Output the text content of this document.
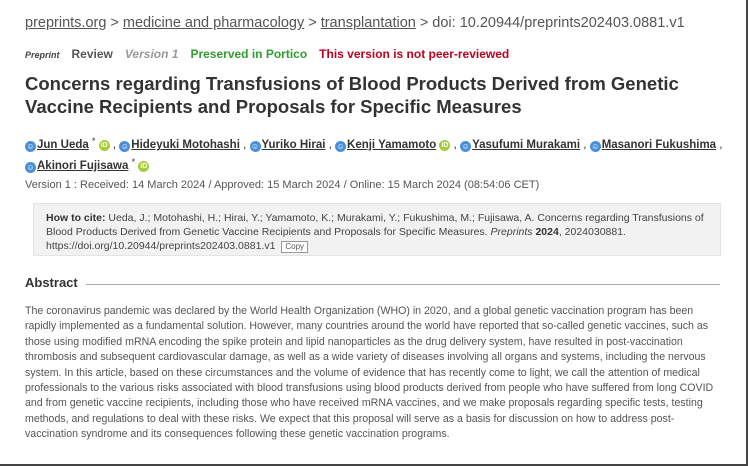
preprints.org > medicine and pharmacology > transplantation > doi: 10.20944/preprints202403.0881.v1
Preprint Review Version 1 Preserved in Portico This version is not peer-reviewed
Concerns regarding Transfusions of Blood Products Derived from Genetic Vaccine Recipients and Proposals for Specific Measures
☺ Jun Ueda * iD , ☺ Hideyuki Motohashi , ☺ Yuriko Hirai , ☺ Kenji Yamamoto iD , ☺ Yasufumi Murakami , ☺ Masanori Fukushima , ☺ Akinori Fujisawa * iD
Version 1 : Received: 14 March 2024 / Approved: 15 March 2024 / Online: 15 March 2024 (08:54:06 CET)
How to cite: Ueda, J.; Motohashi, H.; Hirai, Y.; Yamamoto, K.; Murakami, Y.; Fukushima, M.; Fujisawa, A. Concerns regarding Transfusions of Blood Products Derived from Genetic Vaccine Recipients and Proposals for Specific Measures. Preprints 2024, 2024030881. https://doi.org/10.20944/preprints202403.0881.v1 Copy
Abstract

The coronavirus pandemic was declared by the World Health Organization (WHO) in 2020, and a global genetic vaccination program has been rapidly implemented as a fundamental solution. However, many countries around the world have reported that so-called genetic vaccines, such as those using modified mRNA encoding the spike protein and lipid nanoparticles as the drug delivery system, have resulted in post-vaccination thrombosis and subsequent cardiovascular damage, as well as a wide variety of diseases involving all organs and systems, including the nervous system. In this article, based on these circumstances and the volume of evidence that has recently come to light, we call the attention of medical professionals to the various risks associated with blood transfusions using blood products derived from people who have suffered from long COVID and from genetic vaccine recipients, including those who have received mRNA vaccines, and we make proposals regarding specific tests, testing methods, and regulations to deal with these risks. We expect that this proposal will serve as a basis for discussion on how to address post-vaccination syndrome and its consequences following these genetic vaccination programs.
